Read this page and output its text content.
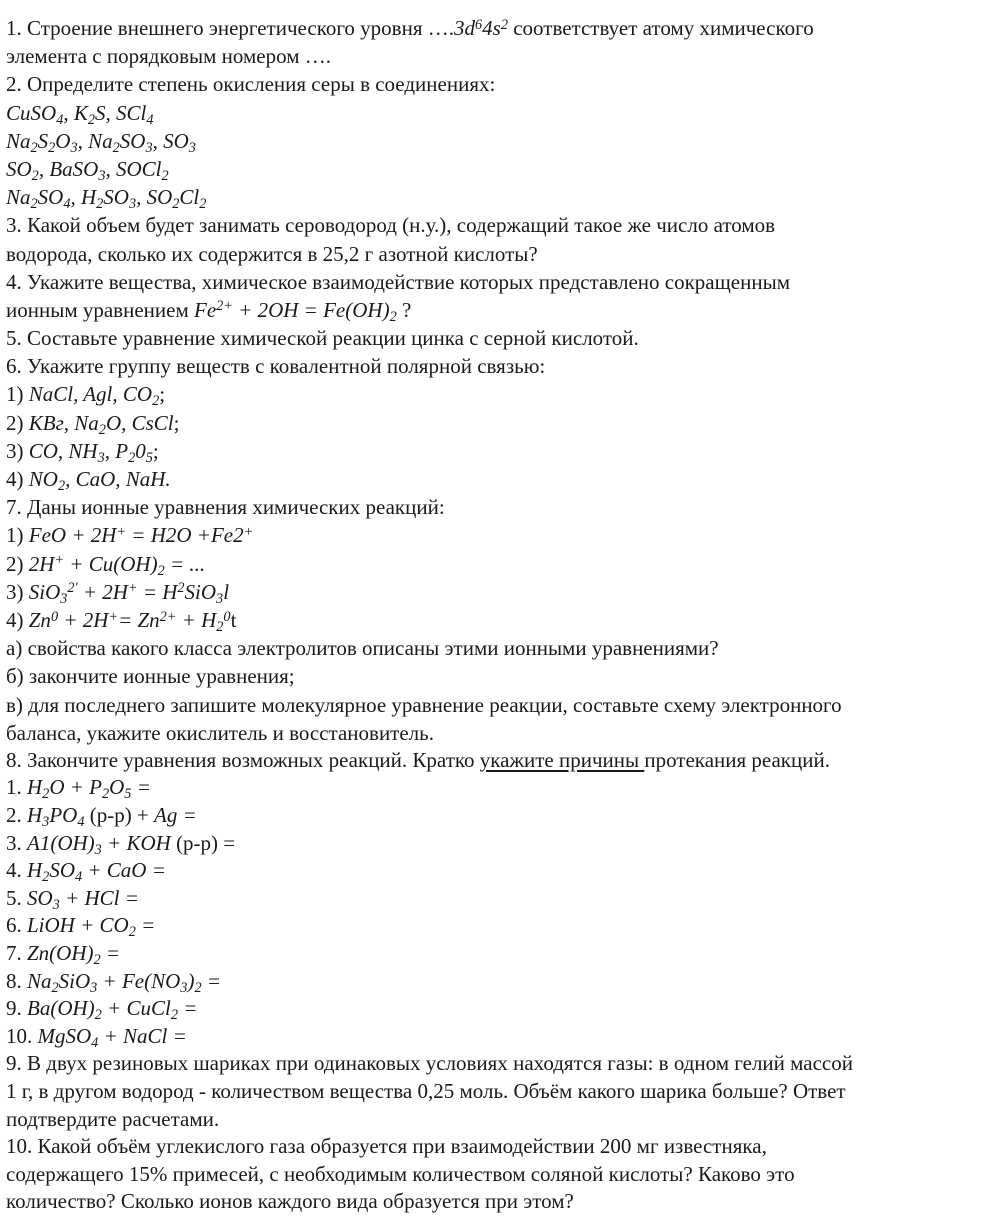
1. Строение внешнего энергетического уровня $\dots.3d^64s^2$ соответствует атому химического
элемента с порядковым номером ….
2. Определите степень окисления серы в соединениях:
CuSO$_4$, $K_2S$, SCl$_4$
$Na_2S_2O_3$, $Na_2SO_3$, $SO_3$
$SO_2$, BaSO$_3$, SOCl$_2$
$Na_2SO_4$, $H_2SO_3$, $SO_2Cl_2$
3. Какой объем будет занимать сероводород (н.у.), содержащий такое же число атомов
водорода, сколько их содержится в 25,2 г азотной кислоты?
4. Укажите вещества, химическое взаимодействие которых представлено сокращенным
ионным уравнением $Fe^{2+} + 2OH = Fe(OH)_2$ ?
5. Составьте уравнение химической реакции цинка с серной кислотой.
6. Укажите группу веществ с ковалентной полярной связью:
1) NaCl, Agl, $CO_2$;
2) KBг, $Na_2O$, CsCl;
3) CO, $NH_3$, $P_20_5$;
4) $NO_2$, CaO, NaH.
7. Даны ионные уравнения химических реакций:
1) FeO + 2H+ = H2O +Fe2+
2) $2H^+ + Cu(OH)_2$ = ...
3) $SiO_3^{2'} + 2H^+ = H^2SiO_3l$
4) $Zn^0 + 2H^+= Zn^{2+} + H_2^0t$
а) свойства какого класса электролитов описаны этими ионными уравнениями?
б) закончите ионные уравнения;
в) для последнего запишите молекулярное уравнение реакции, составьте схему электронного
баланса, укажите окислитель и восстановитель.
8. Закончите уравнения возможных реакций. Кратко укажите причины протекания реакций.
1. $H_2O + P_2O_5$ =
2. $H_3PO_4$ (р-р) + Ag =
3. $A1(OH)_3$ + KOH (р-р) =
4. $H_2SO_4$ + CaO =
5. $SO_3$ + HCl =
6. LiOH + $CO_2$ =
7. $Zn(OH)_2$ =
8. $Na_2SiO_3 + Fe(NO_3)_2$ =
9. $Ba(OH)_2$ + CuCl$_2$ =
10. MgSO$_4$ + NaCl =
9. В двух резиновых шариках при одинаковых условиях находятся газы: в одном гелий массой
1 г, в другом водород - количеством вещества 0,25 моль. Объём какого шарика больше? Ответ
подтвердите расчетами.
10. Какой объём углекислого газа образуется при взаимодействии 200 мг известняка,
содержащего 15% примесей, с необходимым количеством соляной кислоты? Каково это
количество? Сколько ионов каждого вида образуется при этом?
